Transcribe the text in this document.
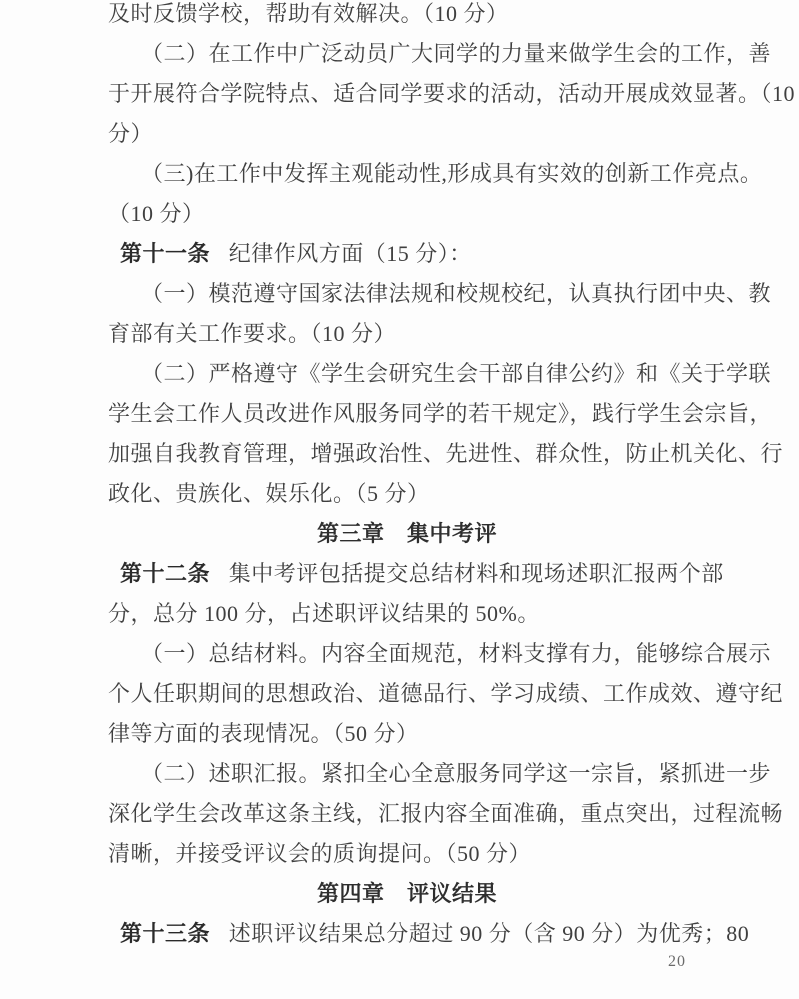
及时反馈学校，帮助有效解决。（10 分）
（二）在工作中广泛动员广大同学的力量来做学生会的工作，善
于开展符合学院特点、适合同学要求的活动，活动开展成效显著。（10
分）
（三)在工作中发挥主观能动性,形成具有实效的创新工作亮点。
（10 分）
第十一条 纪律作风方面（15 分）：
（一）模范遵守国家法律法规和校规校纪，认真执行团中央、教
育部有关工作要求。（10 分）
（二）严格遵守《学生会研究生会干部自律公约》和《关于学联
学生会工作人员改进作风服务同学的若干规定》，践行学生会宗旨，
加强自我教育管理，增强政治性、先进性、群众性，防止机关化、行
政化、贵族化、娱乐化。（5 分）
第三章　集中考评
第十二条 集中考评包括提交总结材料和现场述职汇报两个部
分，总分 100 分，占述职评议结果的 50%。
（一）总结材料。内容全面规范，材料支撑有力，能够综合展示
个人任职期间的思想政治、道德品行、学习成绩、工作成效、遵守纪
律等方面的表现情况。（50 分）
（二）述职汇报。紧扣全心全意服务同学这一宗旨，紧抓进一步
深化学生会改革这条主线，汇报内容全面准确，重点突出，过程流畅
清晰，并接受评议会的质询提问。（50 分）
第四章　评议结果
第十三条 述职评议结果总分超过 90 分（含 90 分）为优秀；80
20
